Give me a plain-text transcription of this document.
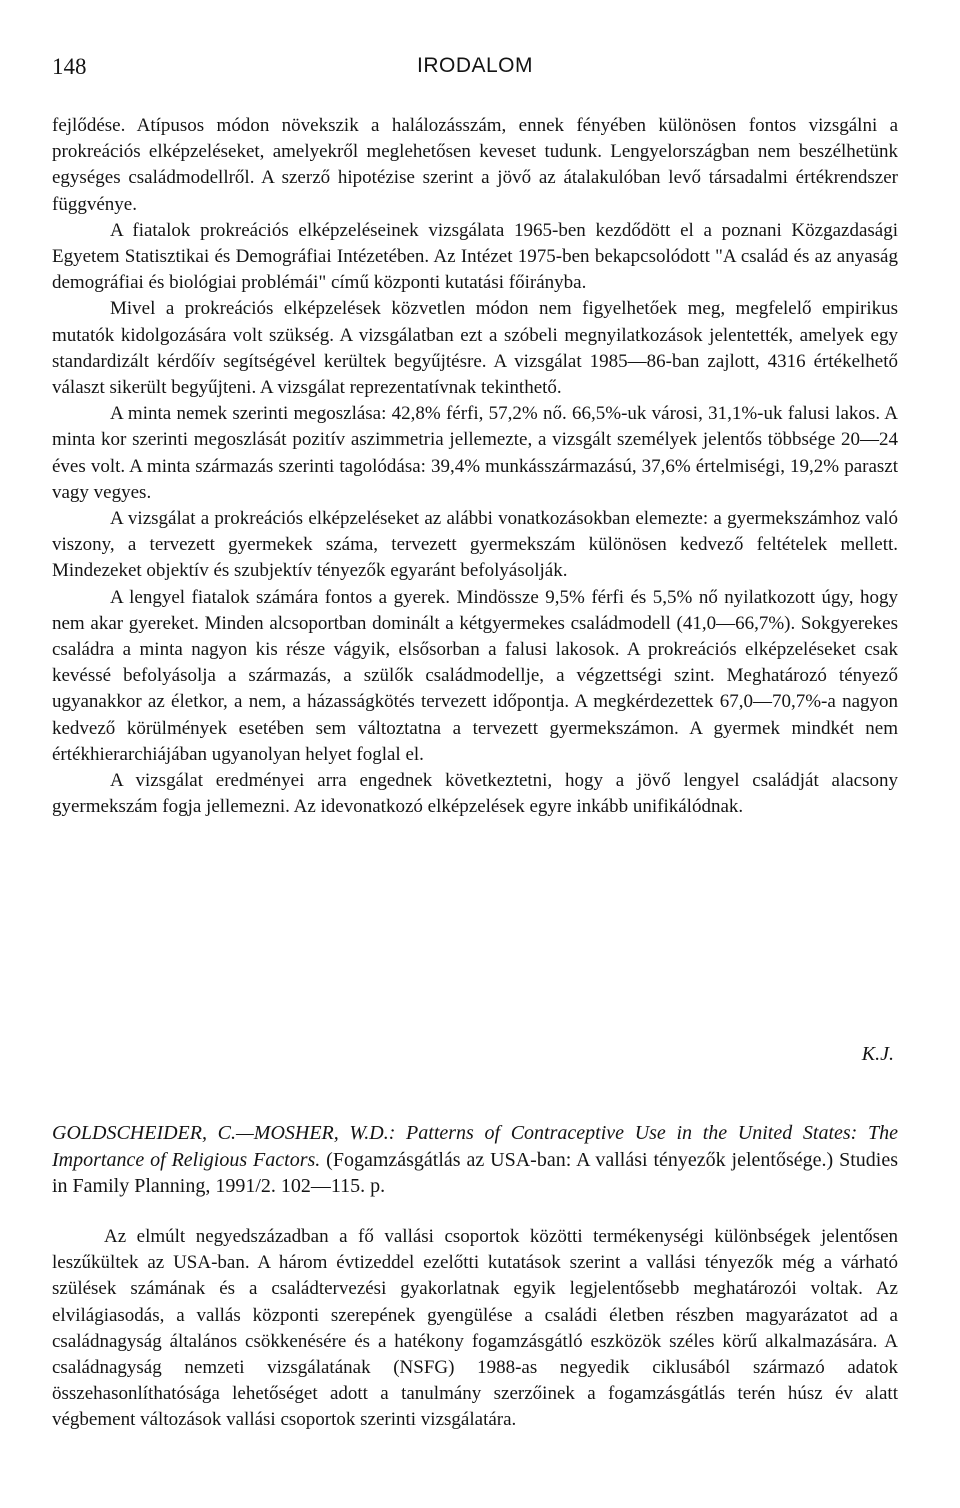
148	IRODALOM

fejlődése. Atípusos módon növekszik a halálozásszám, ennek fényében különösen fontos vizsgálni a prokreációs elképzeléseket, amelyekről meglehetősen keveset tudunk. Lengyelországban nem beszélhetünk egységes családmodellről. A szerző hipotézise szerint a jövő az átalakulóban levő társadalmi értékrendszer függvénye.

A fiatalok prokreációs elképzeléseinek vizsgálata 1965-ben kezdődött el a poznani Közgazdasági Egyetem Statisztikai és Demográfiai Intézetében. Az Intézet 1975-ben bekapcsolódott "A család és az anyaság demográfiai és biológiai problémái" című központi kutatási főirányba.

Mivel a prokreációs elképzelések közvetlen módon nem figyelhetőek meg, megfelelő empirikus mutatók kidolgozására volt szükség. A vizsgálatban ezt a szóbeli megnyilatkozások jelentették, amelyek egy standardizált kérdőív segítségével kerültek begyűjtésre. A vizsgálat 1985—86-ban zajlott, 4316 értékelhető választ sikerült begyűjteni. A vizsgálat reprezentatívnak tekinthető.

A minta nemek szerinti megoszlása: 42,8% férfi, 57,2% nő. 66,5%-uk városi, 31,1%-uk falusi lakos. A minta kor szerinti megoszlását pozitív aszimmetria jellemezte, a vizsgált személyek jelentős többsége 20—24 éves volt. A minta származás szerinti tagolódása: 39,4% munkásszármazású, 37,6% értelmiségi, 19,2% paraszt vagy vegyes.

A vizsgálat a prokreációs elképzeléseket az alábbi vonatkozásokban elemezte: a gyermekszámhoz való viszony, a tervezett gyermekek száma, tervezett gyermekszám különösen kedvező feltételek mellett. Mindezeket objektív és szubjektív tényezők egyaránt befolyásolják.

A lengyel fiatalok számára fontos a gyerek. Mindössze 9,5% férfi és 5,5% nő nyilatkozott úgy, hogy nem akar gyereket. Minden alcsoportban dominált a kétgyermekes családmodell (41,0—66,7%). Sokgyerekes családra a minta nagyon kis része vágyik, elsősorban a falusi lakosok. A prokreációs elképzeléseket csak kevéssé befolyásolja a származás, a szülők családmodellje, a végzettségi szint. Meghatározó tényező ugyanakkor az életkor, a nem, a házasságkötés tervezett időpontja. A megkérdezettek 67,0—70,7%-a nagyon kedvező körülmények esetében sem változtatna a tervezett gyermekszámon. A gyermek mindkét nem értékhierarchiájában ugyanolyan helyet foglal el.

A vizsgálat eredményei arra engednek következtetni, hogy a jövő lengyel családját alacsony gyermekszám fogja jellemezni. Az idevonatkozó elképzelések egyre inkább unifikálódnak.

K.J.
GOLDSCHEIDER, C.—MOSHER, W.D.: Patterns of Contraceptive Use in the United States: The Importance of Religious Factors. (Fogamzásgátlás az USA-ban: A vallási tényezők jelentősége.) Studies in Family Planning, 1991/2. 102—115. p.

Az elmúlt negyedszázadban a fő vallási csoportok közötti termékenységi különbségek jelentősen leszűkültek az USA-ban. A három évtizeddel ezelőtti kutatások szerint a vallási tényezők még a várható szülések számának és a családtervezési gyakorlatnak egyik legjelentősebb meghatározói voltak. Az elvilágiasodás, a vallás központi szerepének gyengülése a családi életben részben magyarázatot ad a családnagyság általános csökkenésére és a hatékony fogamzásgátló eszközök széles körű alkalmazására. A családnagyság nemzeti vizsgálatának (NSFG) 1988-as negyedik ciklusából származó adatok összehasonlíthatósága lehetőséget adott a tanulmány szerzőinek a fogamzásgátlás terén húsz év alatt végbement változások vallási csoportok szerinti vizsgálatára.
